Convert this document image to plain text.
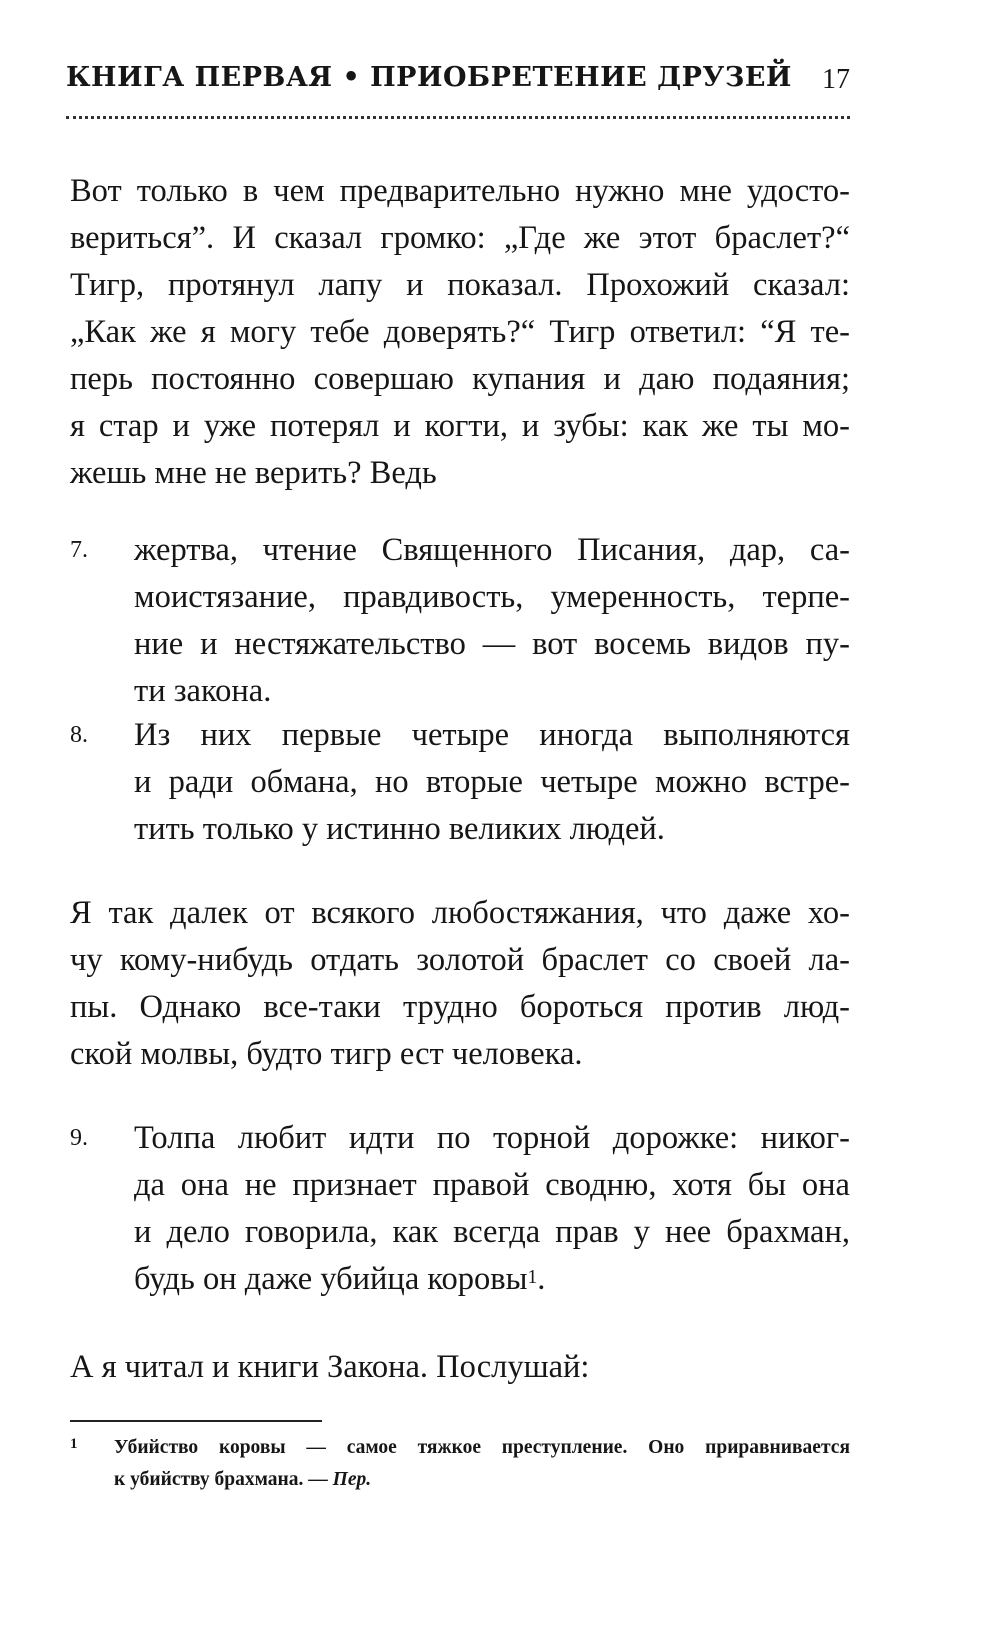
КНИГА ПЕРВАЯ • ПРИОБРЕТЕНИЕ ДРУЗЕЙ 17
Вот только в чем предварительно нужно мне удосто-
вериться”. И сказал громко: „Где же этот браслет?“
Тигр, протянул лапу и показал. Прохожий сказал:
„Как же я могу тебе доверять?“ Тигр ответил: “Я те-
перь постоянно совершаю купания и даю подаяния;
я стар и уже потерял и когти, и зубы: как же ты мо-
жешь мне не верить? Ведь
7. жертва, чтение Священного Писания, дар, са-
моистязание, правдивость, умеренность, терпе-
ние и нестяжательство — вот восемь видов пу-
ти закона.
8. Из них первые четыре иногда выполняются
и ради обмана, но вторые четыре можно встре-
тить только у истинно великих людей.
Я так далек от всякого любостяжания, что даже хо-
чу кому-нибудь отдать золотой браслет со своей ла-
пы. Однако все-таки трудно бороться против люд-
ской молвы, будто тигр ест человека.
9. Толпа любит идти по торной дорожке: никог-
да она не признает правой сводню, хотя бы она
и дело говорила, как всегда прав у нее брахман,
будь он даже убийца коровы$^1$.
А я читал и книги Закона. Послушай:
1 Убийство коровы — самое тяжкое преступление. Оно приравнивается
к убийству брахмана. — Пер.
